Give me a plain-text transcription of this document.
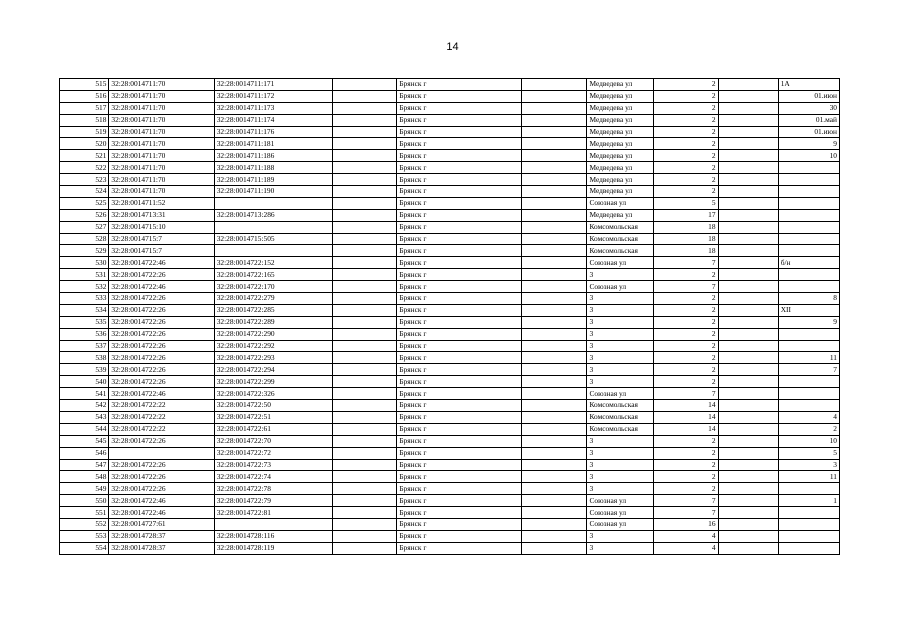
14
515	32:28:0014711:70	32:28:0014711:171		Брянск г		Медведева ул	2		1А
516	32:28:0014711:70	32:28:0014711:172		Брянск г		Медведева ул	2		01.июн
517	32:28:0014711:70	32:28:0014711:173		Брянск г		Медведева ул	2		30
518	32:28:0014711:70	32:28:0014711:174		Брянск г		Медведева ул	2		01.май
519	32:28:0014711:70	32:28:0014711:176		Брянск г		Медведева ул	2		01.июн
520	32:28:0014711:70	32:28:0014711:181		Брянск г		Медведева ул	2		9
521	32:28:0014711:70	32:28:0014711:186		Брянск г		Медведева ул	2		10
522	32:28:0014711:70	32:28:0014711:188		Брянск г		Медведева ул	2		
523	32:28:0014711:70	32:28:0014711:189		Брянск г		Медведева ул	2		
524	32:28:0014711:70	32:28:0014711:190		Брянск г		Медведева ул	2		
525	32:28:0014711:52			Брянск г		Союзная ул	5		
526	32:28:0014713:31	32:28:0014713:286		Брянск г		Медведева ул	17		
527	32:28:0014715:10			Брянск г		Комсомольская	18		
528	32:28:0014715:7	32:28:0014715:505		Брянск г		Комсомольская	18		
529	32:28:0014715:7			Брянск г		Комсомольская	18		
530	32:28:0014722:46	32:28:0014722:152		Брянск г		Союзная ул	7		б/н
531	32:28:0014722:26	32:28:0014722:165		Брянск г		3	2		
532	32:28:0014722:46	32:28:0014722:170		Брянск г		Союзная ул	7		
533	32:28:0014722:26	32:28:0014722:279		Брянск г		3	2		8
534	32:28:0014722:26	32:28:0014722:285		Брянск г		3	2		XII
535	32:28:0014722:26	32:28:0014722:289		Брянск г		3	2		9
536	32:28:0014722:26	32:28:0014722:290		Брянск г		3	2		
537	32:28:0014722:26	32:28:0014722:292		Брянск г		3	2		
538	32:28:0014722:26	32:28:0014722:293		Брянск г		3	2		11
539	32:28:0014722:26	32:28:0014722:294		Брянск г		3	2		7
540	32:28:0014722:26	32:28:0014722:299		Брянск г		3	2		
541	32:28:0014722:46	32:28:0014722:326		Брянск г		Союзная ул	7		
542	32:28:0014722:22	32:28:0014722:50		Брянск г		Комсомольская	14		
543	32:28:0014722:22	32:28:0014722:51		Брянск г		Комсомольская	14		4
544	32:28:0014722:22	32:28:0014722:61		Брянск г		Комсомольская	14		2
545	32:28:0014722:26	32:28:0014722:70		Брянск г		3	2		10
546		32:28:0014722:72		Брянск г		3	2		5
547	32:28:0014722:26	32:28:0014722:73		Брянск г		3	2		3
548	32:28:0014722:26	32:28:0014722:74		Брянск г		3	2		11
549	32:28:0014722:26	32:28:0014722:78		Брянск г		3	2		
550	32:28:0014722:46	32:28:0014722:79		Брянск г		Союзная ул	7		1
551	32:28:0014722:46	32:28:0014722:81		Брянск г		Союзная ул	7		
552	32:28:0014727:61			Брянск г		Союзная ул	16		
553	32:28:0014728:37	32:28:0014728:116		Брянск г		3	4		
554	32:28:0014728:37	32:28:0014728:119		Брянск г		3	4		
